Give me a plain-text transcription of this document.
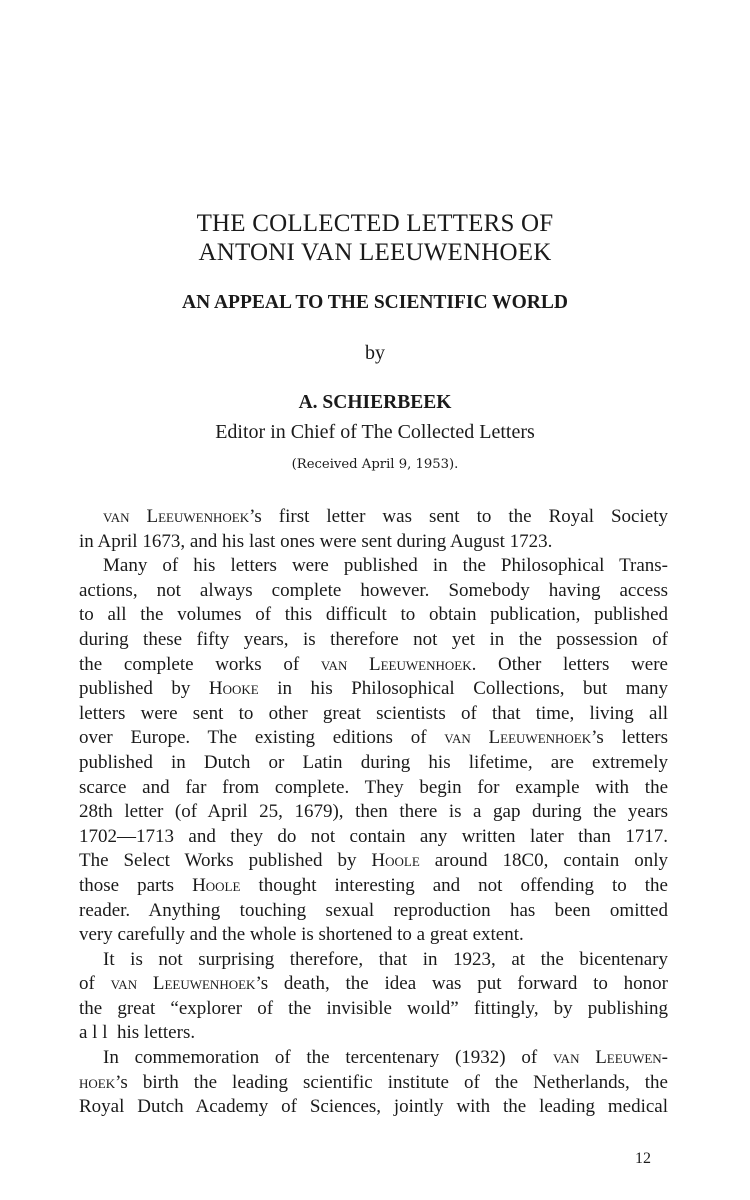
THE COLLECTED LETTERS OF
ANTONI VAN LEEUWENHOEK
AN APPEAL TO THE SCIENTIFIC WORLD
by
A. SCHIERBEEK
Editor in Chief of The Collected Letters
(Received April 9, 1953).
van Leeuwenhoek’s first letter was sent to the Royal Society
in April 1673, and his last ones were sent during August 1723.
Many of his letters were published in the Philosophical Trans-
actions, not always complete however. Somebody having access
to all the volumes of this difficult to obtain publication, published
during these fifty years, is therefore not yet in the possession of
the complete works of van Leeuwenhoek. Other letters were
published by Hooke in his Philosophical Collections, but many
letters were sent to other great scientists of that time, living all
over Europe. The existing editions of van Leeuwenhoek’s letters
published in Dutch or Latin during his lifetime, are extremely
scarce and far from complete. They begin for example with the
28th letter (of April 25, 1679), then there is a gap during the years
1702—1713 and they do not contain any written later than 1717.
The Select Works published by Hoole around 18C0, contain only
those parts Hoole thought interesting and not offending to the
reader. Anything touching sexual reproduction has been omitted
very carefully and the whole is shortened to a great extent.
It is not surprising therefore, that in 1923, at the bicentenary
of van Leeuwenhoek’s death, the idea was put forward to honor
the great “explorer of the invisible woıld” fittingly, by publishing
a l l  his letters.
In commemoration of the tercentenary (1932) of van Leeuwen-
hoek’s birth the leading scientific institute of the Netherlands, the
Royal Dutch Academy of Sciences, jointly with the leading medical
12
